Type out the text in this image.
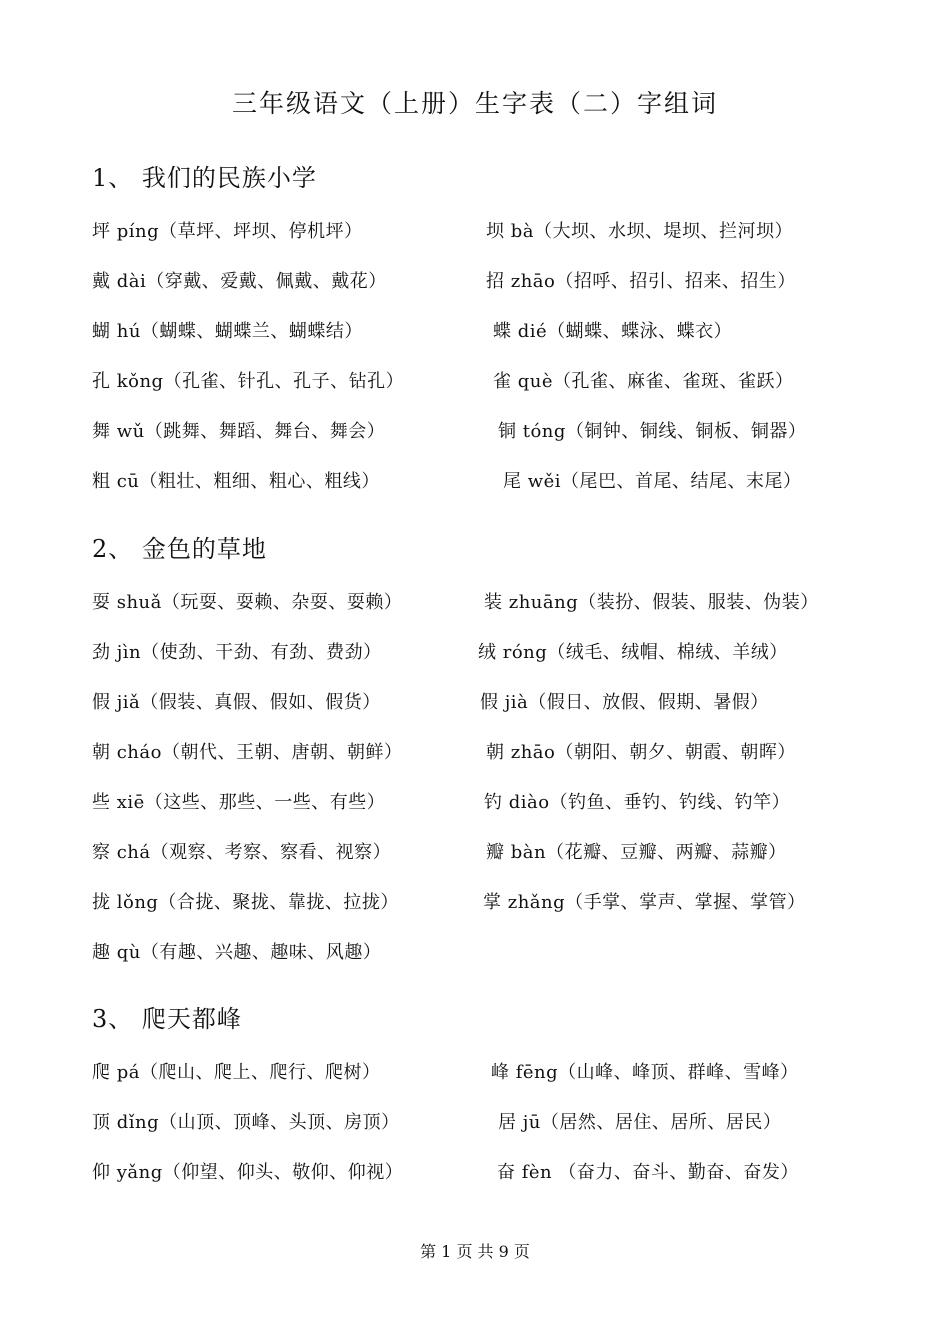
三年级语文（上册）生字表（二）字组词
1、 我们的民族小学
坪 píng（草坪、坪坝、停机坪）	坝 bà（大坝、水坝、堤坝、拦河坝）
戴 dài（穿戴、爱戴、佩戴、戴花）	招 zhāo（招呼、招引、招来、招生）
蝴 hú（蝴蝶、蝴蝶兰、蝴蝶结）	蝶 dié（蝴蝶、蝶泳、蝶衣）
孔 kǒng（孔雀、针孔、孔子、钻孔）	雀 què（孔雀、麻雀、雀斑、雀跃）
舞 wǔ（跳舞、舞蹈、舞台、舞会）	铜 tóng（铜钟、铜线、铜板、铜器）
粗 cū（粗壮、粗细、粗心、粗线）	尾 wěi（尾巴、首尾、结尾、末尾）
2、 金色的草地
耍 shuǎ（玩耍、耍赖、杂耍、耍赖）	装 zhuāng（装扮、假装、服装、伪装）
劲 jìn（使劲、干劲、有劲、费劲）	绒 róng（绒毛、绒帽、棉绒、羊绒）
假 jiǎ（假装、真假、假如、假货）	假 jià（假日、放假、假期、暑假）
朝 cháo（朝代、王朝、唐朝、朝鲜）	朝 zhāo（朝阳、朝夕、朝霞、朝晖）
些 xiē（这些、那些、一些、有些）	钓 diào（钓鱼、垂钓、钓线、钓竿）
察 chá（观察、考察、察看、视察）	瓣 bàn（花瓣、豆瓣、两瓣、蒜瓣）
拢 lǒng（合拢、聚拢、靠拢、拉拢）	掌 zhǎng（手掌、掌声、掌握、掌管）
趣 qù（有趣、兴趣、趣味、风趣）
3、 爬天都峰
爬 pá（爬山、爬上、爬行、爬树）	峰 fēng（山峰、峰顶、群峰、雪峰）
顶 dǐng（山顶、顶峰、头顶、房顶）	居 jū（居然、居住、居所、居民）
仰 yǎng（仰望、仰头、敬仰、仰视）	奋 fèn （奋力、奋斗、勤奋、奋发）
第 1 页 共 9 页
